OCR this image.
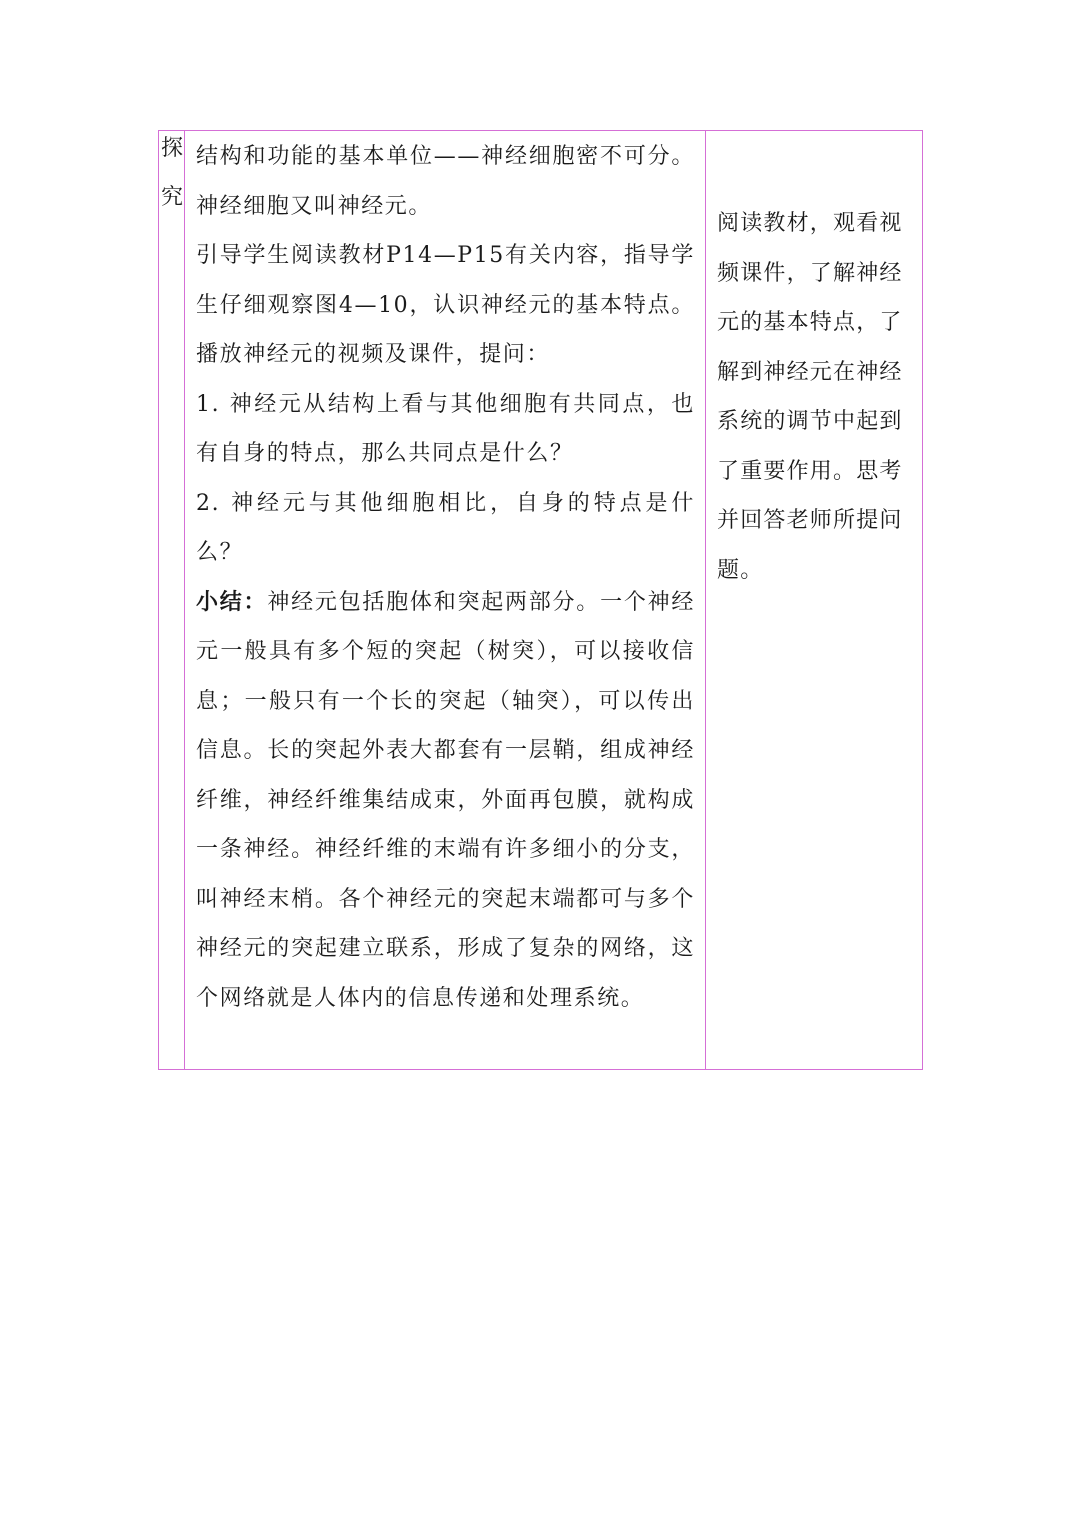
探
究

结构和功能的基本单位——神经细胞密不可分。神经细胞又叫神经元。

引导学生阅读教材P14—P15有关内容，指导学生仔细观察图4—10，认识神经元的基本特点。播放神经元的视频及课件，提问：

1. 神经元从结构上看与其他细胞有共同点，也有自身的特点，那么共同点是什么？

2. 神经元与其他细胞相比，自身的特点是什么？

小结：神经元包括胞体和突起两部分。一个神经元一般具有多个短的突起（树突），可以接收信息；一般只有一个长的突起（轴突），可以传出信息。长的突起外表大都套有一层鞘，组成神经纤维，神经纤维集结成束，外面再包膜，就构成一条神经。神经纤维的末端有许多细小的分支，叫神经末梢。各个神经元的突起末端都可与多个神经元的突起建立联系，形成了复杂的网络，这个网络就是人体内的信息传递和处理系统。

阅读教材，观看视频课件，了解神经元的基本特点，了解到神经元在神经系统的调节中起到了重要作用。思考并回答老师所提问题。
